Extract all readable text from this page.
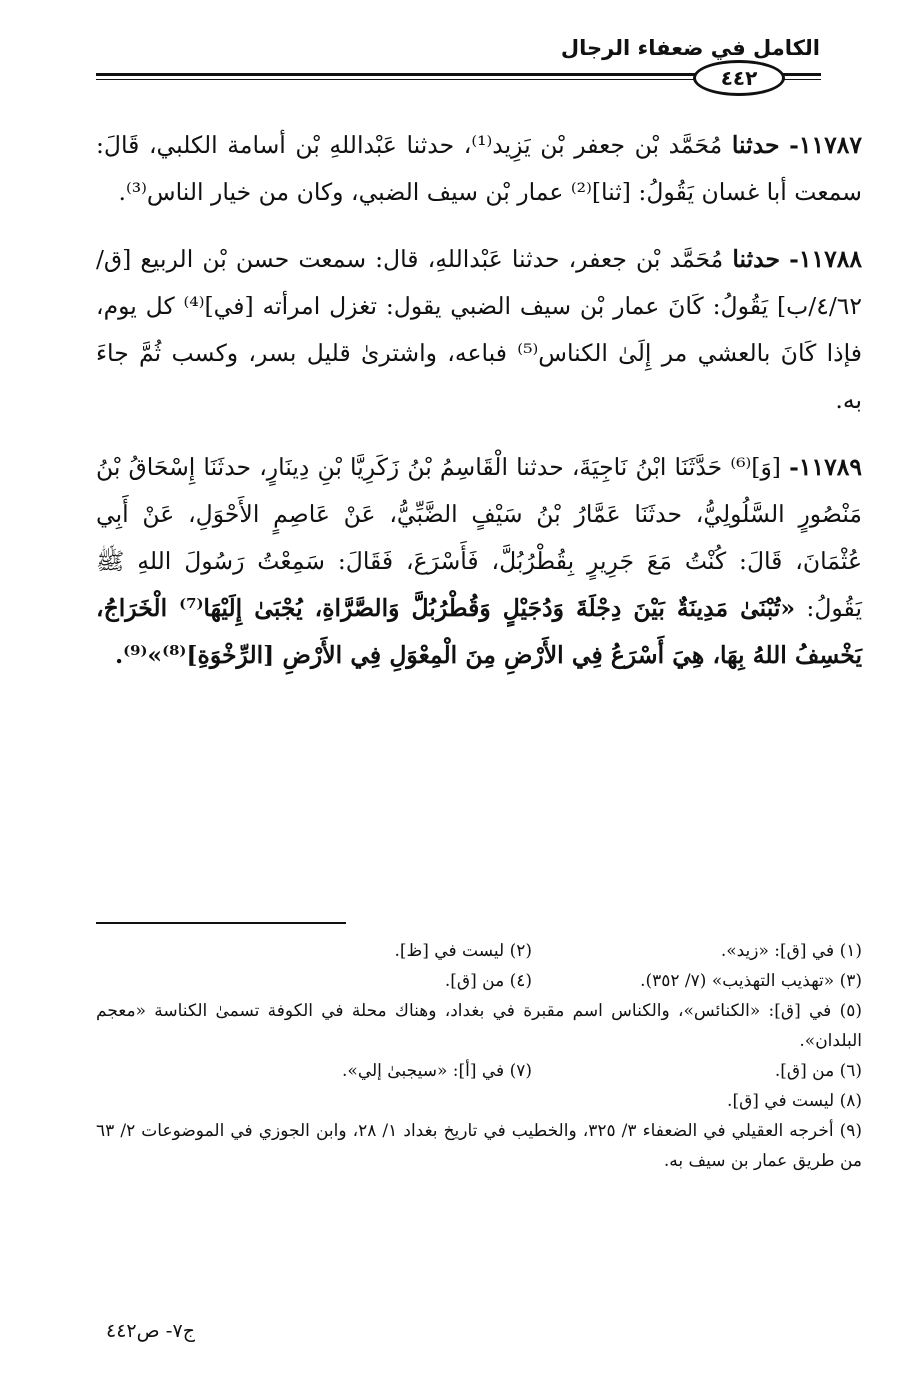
الكامل في ضعفاء الرجال
٤٤٢

١١٧٨٧- حدثنا مُحَمَّد بْن جعفر بْن يَزِيد⁽¹⁾، حدثنا عَبْداللهِ بْن أسامة الكلبي، قَالَ: سمعت أبا غسان يَقُولُ: [ثنا]⁽²⁾ عمار بْن سيف الضبي، وكان من خيار الناس⁽³⁾.

١١٧٨٨- حدثنا مُحَمَّد بْن جعفر، حدثنا عَبْداللهِ، قال: سمعت حسن بْن الربيع [ق/٤/٦٢/ب] يَقُولُ: كَانَ عمار بْن سيف الضبي يقول: تغزل امرأته [في]⁽⁴⁾ كل يوم، فإذا كَانَ بالعشي مر إِلَىٰ الكناس⁽⁵⁾ فباعه، واشترىٰ قليل بسر، وكسب ثُمَّ جاءَ به.

١١٧٨٩- [وَ]⁽⁶⁾ حَدَّثَنَا ابْنُ نَاجِيَةَ، حدثنا الْقَاسِمُ بْنُ زَكَرِيَّا بْنِ دِينَارٍ، حدثَنَا إِسْحَاقُ بْنُ مَنْصُورٍ السَّلُولِيُّ، حدثَنَا عَمَّارُ بْنُ سَيْفٍ الضَّبِّيُّ، عَنْ عَاصِمٍ الأَحْوَلِ، عَنْ أَبِي عُثْمَانَ، قَالَ: كُنْتُ مَعَ جَرِيرٍ بِقُطْرُبُلَّ، فَأَسْرَعَ، فَقَالَ: سَمِعْتُ رَسُولَ اللهِ ﷺ يَقُولُ: «تُبْنَىٰ مَدِينَةٌ بَيْنَ دِجْلَةَ وَدُجَيْلٍ وَقُطْرُبُلَّ وَالصَّرَّاةِ، يُجْبَىٰ إِلَيْهَا⁽⁷⁾ الْخَرَاجُ، يَخْسِفُ اللهُ بِهَا، هِيَ أَسْرَعُ فِي الأَرْضِ مِنَ الْمِعْوَلِ فِي الأَرْضِ [الرِّخْوَةِ]⁽⁸⁾»⁽⁹⁾.

(١) في [ق]: «زيد».
(٢) ليست في [ظ].
(٣) «تهذيب التهذيب» (٧/ ٣٥٢).
(٤) من [ق].
(٥) في [ق]: «الكنائس»، والكناس اسم مقبرة في بغداد، وهناك محلة في الكوفة تسمىٰ الكناسة «معجم البلدان».
(٦) من [ق].
(٧) في [أ]: «سيجبىٰ إلي».
(٨) ليست في [ق].
(٩) أخرجه العقيلي في الضعفاء ٣/ ٣٢٥، والخطيب في تاريخ بغداد ١/ ٢٨، وابن الجوزي في الموضوعات ٢/ ٦٣ من طريق عمار بن سيف به.
ج٧- ص٤٤٢
